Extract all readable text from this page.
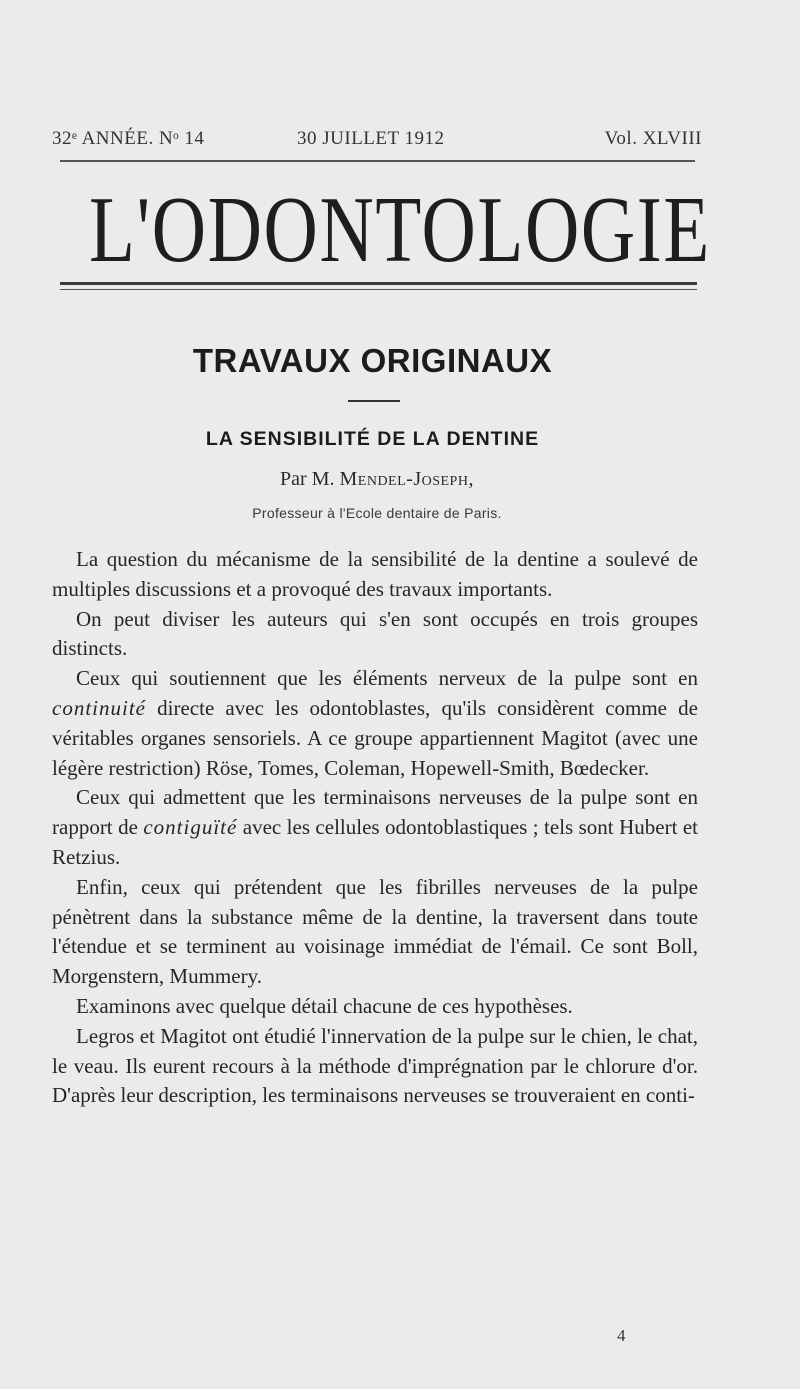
32ᵉ ANNÉE. Nᵒ 14	30 JUILLET 1912	Vol. XLVIII
L'ODONTOLOGIE
TRAVAUX ORIGINAUX
LA SENSIBILITÉ DE LA DENTINE
Par M. Mendel-Joseph,
Professeur à l'Ecole dentaire de Paris.

La question du mécanisme de la sensibilité de la dentine a soulevé de multiples discussions et a provoqué des travaux importants.

On peut diviser les auteurs qui s'en sont occupés en trois groupes distincts.

Ceux qui soutiennent que les éléments nerveux de la pulpe sont en continuité directe avec les odontoblastes, qu'ils considèrent comme de véritables organes sensoriels. A ce groupe appartiennent Magitot (avec une légère restriction) Röse, Tomes, Coleman, Hopewell-Smith, Bœdecker.

Ceux qui admettent que les terminaisons nerveuses de la pulpe sont en rapport de contiguïté avec les cellules odontoblastiques ; tels sont Hubert et Retzius.

Enfin, ceux qui prétendent que les fibrilles nerveuses de la pulpe pénètrent dans la substance même de la dentine, la traversent dans toute l'étendue et se terminent au voisinage immédiat de l'émail. Ce sont Boll, Morgenstern, Mummery.

Examinons avec quelque détail chacune de ces hypothèses.

Legros et Magitot ont étudié l'innervation de la pulpe sur le chien, le chat, le veau. Ils eurent recours à la méthode d'imprégnation par le chlorure d'or. D'après leur description, les terminaisons nerveuses se trouveraient en conti-

4
